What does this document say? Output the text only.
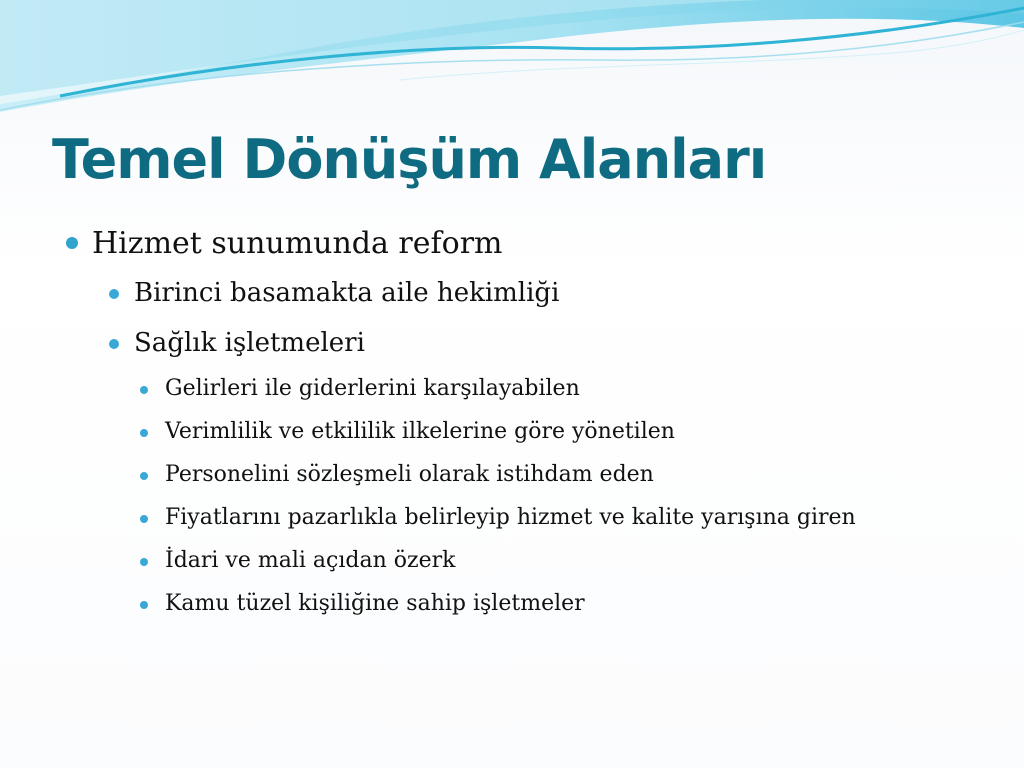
Temel Dönüşüm Alanları
Hizmet sunumunda reform
Birinci basamakta aile hekimliği
Sağlık işletmeleri
Gelirleri ile giderlerini karşılayabilen
Verimlilik ve etkililik ilkelerine göre yönetilen
Personelini sözleşmeli olarak istihdam eden
Fiyatlarını pazarlıkla belirleyip hizmet ve kalite yarışına giren
İdari ve mali açıdan özerk
Kamu tüzel kişiliğine sahip işletmeler
